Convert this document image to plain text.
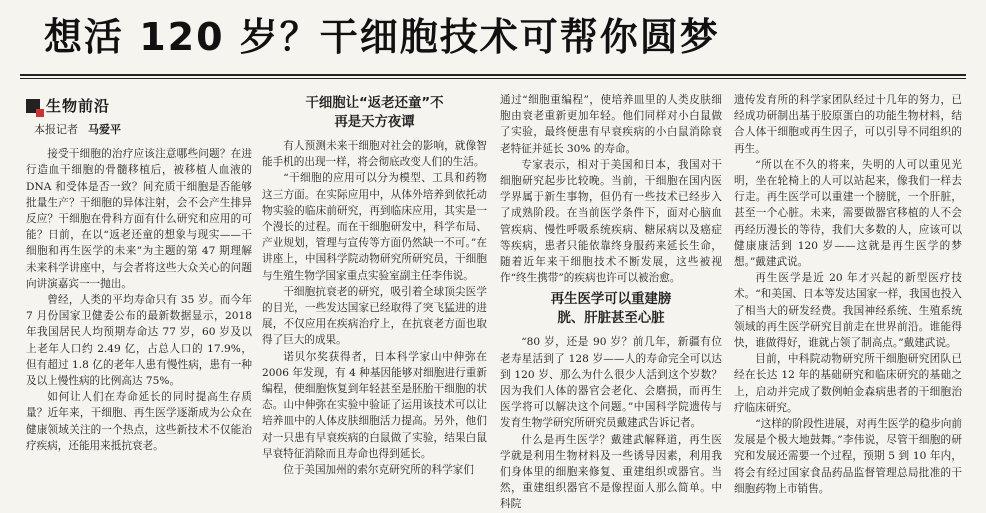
想活 120 岁？干细胞技术可帮你圆梦
生物前沿
本报记者 马爱平

接受干细胞的治疗应该注意哪些问题？在进行造血干细胞的骨髓移植后，被移植人血液的 DNA 和受体是否一致？间充质干细胞是否能够批量生产？干细胞的异体注射，会不会产生排异反应？干细胞在骨科方面有什么研究和应用的可能？日前，在以“返老还童的想象与现实——干细胞和再生医学的未来”为主题的第 47 期理解未来科学讲座中，与会者将这些大众关心的问题向讲演嘉宾一一抛出。

曾经，人类的平均寿命只有 35 岁。而今年 7 月份国家卫健委公布的最新数据显示，2018 年我国居民人均预期寿命达 77 岁，60 岁及以上老年人口约 2.49 亿，占总人口的 17.9%，但有超过 1.8 亿的老年人患有慢性病，患有一种及以上慢性病的比例高达 75%。

如何让人们在寿命延长的同时提高生存质量？近年来，干细胞、再生医学逐渐成为公众在健康领域关注的一个热点，这些新技术不仅能治疗疾病，还能用来抵抗衰老。

干细胞让“返老还童”不
再是天方夜谭

有人预测未来干细胞对社会的影响，就像智能手机的出现一样，将会彻底改变人们的生活。

“干细胞的应用可以分为模型、工具和药物这三方面。在实际应用中，从体外培养到依托动物实验的临床前研究，再到临床应用，其实是一个漫长的过程。而在干细胞研发中，科学布局、产业规划，管理与宣传等方面仍然缺一不可。”在讲座上，中国科学院动物研究所研究员，干细胞与生殖生物学国家重点实验室副主任李伟说。

干细胞抗衰老的研究，吸引着全球顶尖医学的目光，一些发达国家已经取得了突飞猛进的进展，不仅应用在疾病治疗上，在抗衰老方面也取得了巨大的成果。

诺贝尔奖获得者，日本科学家山中伸弥在 2006 年发现，有 4 种基因能够对细胞进行重新编程，使细胞恢复到年轻甚至是胚胎干细胞的状态。山中伸弥在实验中验证了运用该技术可以让培养皿中的人体皮肤细胞活力提高。另外，他们对一只患有早衰疾病的白鼠做了实验，结果白鼠早衰特征消除而且寿命也得到延长。

位于美国加州的索尔克研究所的科学家们

通过“细胞重编程”，使培养皿里的人类皮肤细胞由衰老重新更加年轻。他们同样对小白鼠做了实验，最终便患有早衰疾病的小白鼠消除衰老特征并延长 30% 的寿命。

专家表示，相对于美国和日本，我国对干细胞研究起步比较晚。当前，干细胞在国内医学界属于新生事物，但仍有一些技术已经步入了成熟阶段。在当前医学条件下，面对心脑血管疾病、慢性呼吸系统疾病、糖尿病以及癌症等疾病，患者只能依靠终身服药来延长生命，随着近年来干细胞技术不断发展，这些被视作“终生携带”的疾病也许可以被治愈。

再生医学可以重建膀
胱、肝脏甚至心脏

“80 岁，还是 90 岁？前几年，新疆有位老寿星活到了 128 岁——人的寿命完全可以达到 120 岁、那么为什么很少人活到这个岁数？因为我们人体的器官会老化、会磨损，而再生医学将可以解决这个问题。”中国科学院遗传与发育生物学研究所研究员戴建武告诉记者。

什么是再生医学？戴建武解释道，再生医学就是利用生物材料及一些诱导因素，利用我们身体里的细胞来修复、重建组织或器官。当然，重建组织器官不是像捏面人那么简单。中科院

遗传发育所的科学家团队经过十几年的努力，已经成功研制出基于胶原蛋白的功能生物材料，结合人体干细胞或再生因子，可以引导不同组织的再生。

“所以在不久的将来，失明的人可以重见光明，坐在轮椅上的人可以站起来，像我们一样去行走。再生医学可以重建一个膀胱，一个肝脏，甚至一个心脏。未来，需要做器官移植的人不会再经历漫长的等待，我们大多数的人，应该可以健康康活到 120 岁——这就是再生医学的梦想。”戴建武说。

再生医学是近 20 年才兴起的新型医疗技术。“和美国、日本等发达国家一样，我国也投入了相当大的研发经费。我国神经系统、生殖系统领域的再生医学研究目前走在世界前沿。谁能得快，谁做得好，谁就占领了制高点。”戴建武说。

目前，中科院动物研究所干细胞研究团队已经在长达 12 年的基础研究和临床研究的基础之上，启动并完成了数例帕金森病患者的干细胞治疗临床研究。

“这样的阶段性进展，对再生医学的稳步向前发展是个极大地鼓舞。”李伟说，尽管干细胞的研究和发展还需要一个过程，预期 5 到 10 年内，将会有经过国家食品药品监督管理总局批准的干细胞药物上市销售。
